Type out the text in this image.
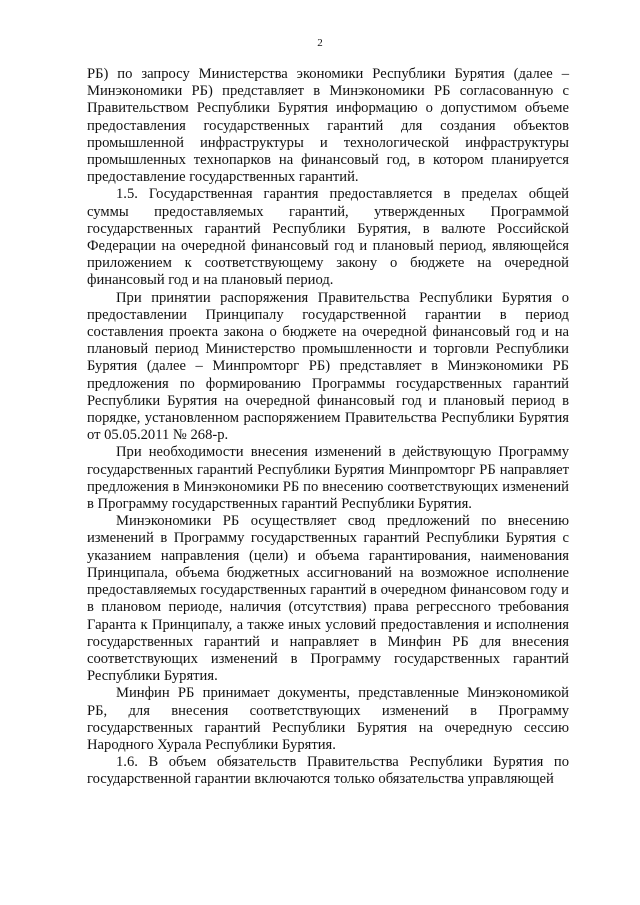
2

РБ) по запросу Министерства экономики Республики Бурятия (далее – Минэкономики РБ) представляет в Минэкономики РБ согласованную с Правительством Республики Бурятия информацию о допустимом объеме предоставления государственных гарантий для создания объектов промышленной инфраструктуры и технологической инфраструктуры промышленных технопарков на финансовый год, в котором планируется предоставление государственных гарантий.

1.5. Государственная гарантия предоставляется в пределах общей суммы предоставляемых гарантий, утвержденных Программой государственных гарантий Республики Бурятия, в валюте Российской Федерации на очередной финансовый год и плановый период, являющейся приложением к соответствующему закону о бюджете на очередной финансовый год и на плановый период.

При принятии распоряжения Правительства Республики Бурятия о предоставлении Принципалу государственной гарантии в период составления проекта закона о бюджете на очередной финансовый год и на плановый период Министерство промышленности и торговли Республики Бурятия (далее – Минпромторг РБ) представляет в Минэкономики РБ предложения по формированию Программы государственных гарантий Республики Бурятия на очередной финансовый год и плановый период в порядке, установленном распоряжением Правительства Республики Бурятия от 05.05.2011 № 268-р.

При необходимости внесения изменений в действующую Программу государственных гарантий Республики Бурятия Минпромторг РБ направляет предложения в Минэкономики РБ по внесению соответствующих изменений в Программу государственных гарантий Республики Бурятия.

Минэкономики РБ осуществляет свод предложений по внесению изменений в Программу государственных гарантий Республики Бурятия с указанием направления (цели) и объема гарантирования, наименования Принципала, объема бюджетных ассигнований на возможное исполнение предоставляемых государственных гарантий в очередном финансовом году и в плановом периоде, наличия (отсутствия) права регрессного требования Гаранта к Принципалу, а также иных условий предоставления и исполнения государственных гарантий и направляет в Минфин РБ для внесения соответствующих изменений в Программу государственных гарантий Республики Бурятия.

Минфин РБ принимает документы, представленные Минэкономикой РБ, для внесения соответствующих изменений в Программу государственных гарантий Республики Бурятия на очередную сессию Народного Хурала Республики Бурятия.

1.6. В объем обязательств Правительства Республики Бурятия по государственной гарантии включаются только обязательства управляющей
